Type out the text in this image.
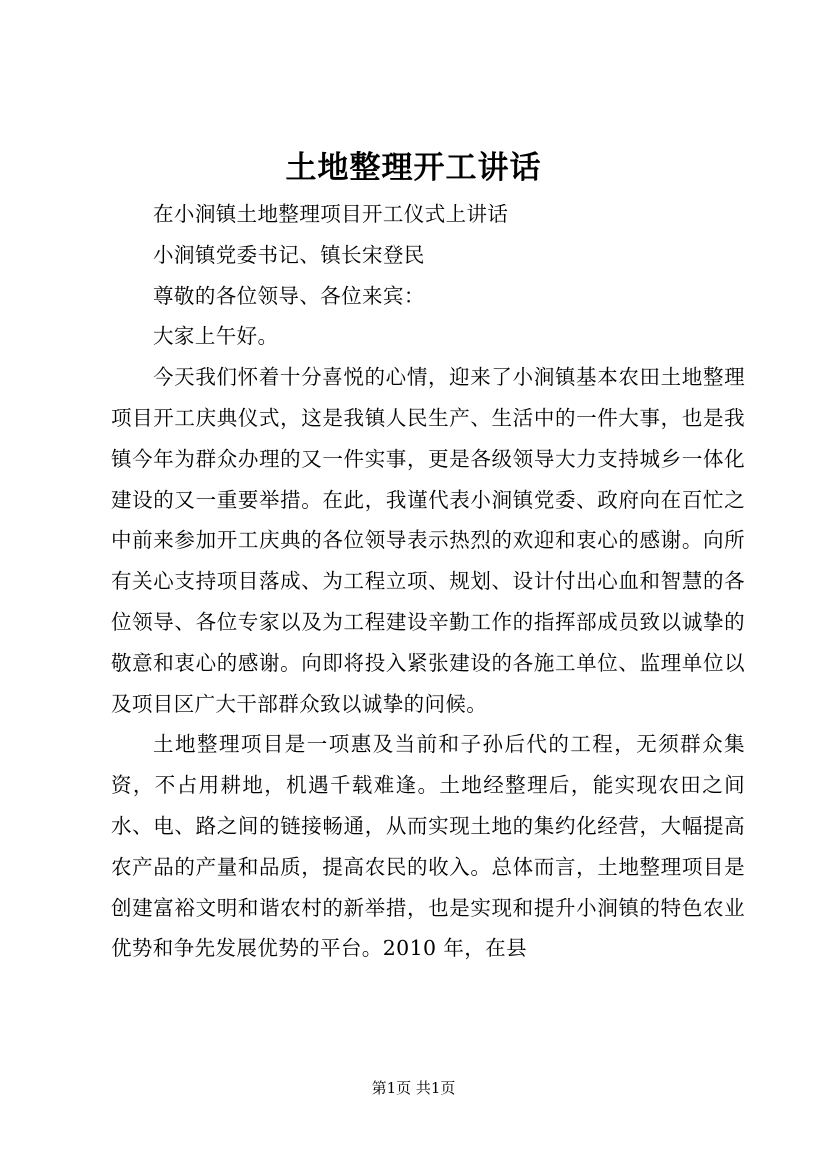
土地整理开工讲话

在小涧镇土地整理项目开工仪式上讲话

小涧镇党委书记、镇长宋登民

尊敬的各位领导、各位来宾：

大家上午好。

今天我们怀着十分喜悦的心情，迎来了小涧镇基本农田土地整理项目开工庆典仪式，这是我镇人民生产、生活中的一件大事，也是我镇今年为群众办理的又一件实事，更是各级领导大力支持城乡一体化建设的又一重要举措。在此，我谨代表小涧镇党委、政府向在百忙之中前来参加开工庆典的各位领导表示热烈的欢迎和衷心的感谢。向所有关心支持项目落成、为工程立项、规划、设计付出心血和智慧的各位领导、各位专家以及为工程建设辛勤工作的指挥部成员致以诚挚的敬意和衷心的感谢。向即将投入紧张建设的各施工单位、监理单位以及项目区广大干部群众致以诚挚的问候。

土地整理项目是一项惠及当前和子孙后代的工程，无须群众集资，不占用耕地，机遇千载难逢。土地经整理后，能实现农田之间水、电、路之间的链接畅通，从而实现土地的集约化经营，大幅提高农产品的产量和品质，提高农民的收入。总体而言，土地整理项目是创建富裕文明和谐农村的新举措，也是实现和提升小涧镇的特色农业优势和争先发展优势的平台。2010 年，在县

第1页 共1页
